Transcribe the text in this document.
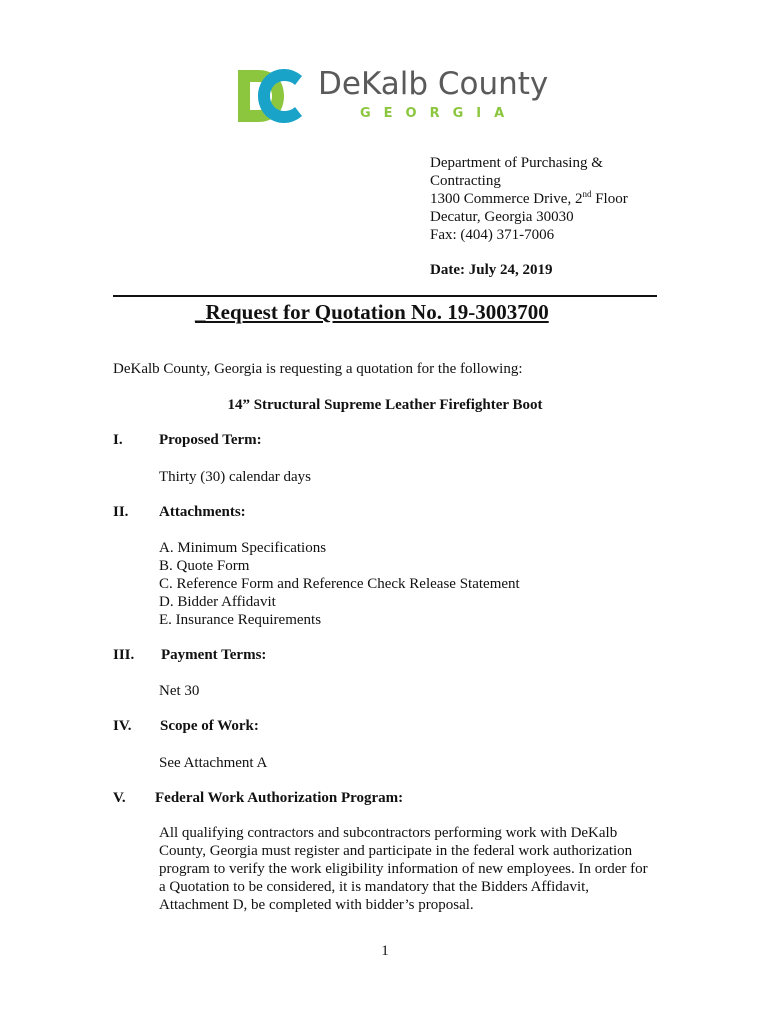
DeKalb County
GEORGIA
Department of Purchasing &
Contracting
1300 Commerce Drive, 2nd Floor
Decatur, Georgia 30030
Fax: (404) 371-7006
Date: July 24, 2019
_Request for Quotation No. 19-3003700
DeKalb County, Georgia is requesting a quotation for the following:
14” Structural Supreme Leather Firefighter Boot
I. Proposed Term:
Thirty (30) calendar days
II. Attachments:
A. Minimum Specifications
B. Quote Form
C. Reference Form and Reference Check Release Statement
D. Bidder Affidavit
E. Insurance Requirements
III. Payment Terms:
Net 30
IV. Scope of Work:
See Attachment A
V. Federal Work Authorization Program:
All qualifying contractors and subcontractors performing work with DeKalb
County, Georgia must register and participate in the federal work authorization
program to verify the work eligibility information of new employees. In order for
a Quotation to be considered, it is mandatory that the Bidders Affidavit,
Attachment D, be completed with bidder’s proposal.
1
